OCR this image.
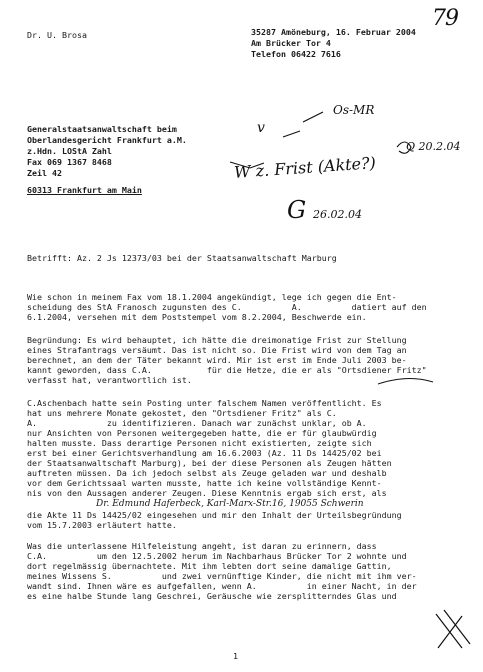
Dr. U. Brosa	35287 Amöneburg, 16. Februar 2004
Am Brücker Tor 4
Telefon 06422 7616
79
Generalstaatsanwaltschaft beim
Oberlandesgericht Frankfurt a.M.
z.Hdn. LOStA Zahl
Fax 069 1367 8468
Zeil 42
60313 Frankfurt am Main
Os-MR
v
Q 20.2.04
W z. Frist (Akte?)
G 26.02.04
Betrifft: Az. 2 Js 12373/03 bei der Staatsanwaltschaft Marburg
Wie schon in meinem Fax vom 18.1.2004 angekündigt, lege ich gegen die Ent-
scheidung des StA Franosch zugunsten des C.          A.          datiert auf den
6.1.2004, versehen mit dem Poststempel vom 8.2.2004, Beschwerde ein.
Begründung: Es wird behauptet, ich hätte die dreimonatige Frist zur Stellung
eines Strafantrags versäumt. Das ist nicht so. Die Frist wird von dem Tag an
berechnet, an dem der Täter bekannt wird. Mir ist erst im Ende Juli 2003 be-
kannt geworden, dass C.A.           für die Hetze, die er als "Ortsdiener Fritz"
verfasst hat, verantwortlich ist.
C.Aschenbach hatte sein Posting unter falschem Namen veröffentlicht. Es
hat uns mehrere Monate gekostet, den "Ortsdiener Fritz" als C.
A.              zu identifizieren. Danach war zunächst unklar, ob A.
nur Ansichten von Personen weitergegeben hatte, die er für glaubwürdig
halten musste. Dass derartige Personen nicht existierten, zeigte sich
erst bei einer Gerichtsverhandlung am 16.6.2003 (Az. 11 Ds 14425/02 bei
der Staatsanwaltschaft Marburg), bei der diese Personen als Zeugen hätten
auftreten müssen. Da ich jedoch selbst als Zeuge geladen war und deshalb
vor dem Gerichtssaal warten musste, hatte ich keine vollständige Kennt-
nis von den Aussagen anderer Zeugen. Diese Kenntnis ergab sich erst, als
Dr. Edmund Haferbeck, Karl-Marx-Str.16, 19055 Schwerin
die Akte 11 Ds 14425/02 eingesehen und mir den Inhalt der Urteilsbegründung
vom 15.7.2003 erläutert hatte.
Was die unterlassene Hilfeleistung angeht, ist daran zu erinnern, dass
C.A.          um den 12.5.2002 herum im Nachbarhaus Brücker Tor 2 wohnte und
dort regelmässig übernachtete. Mit ihm lebten dort seine damalige Gattin,
meines Wissens S.          und zwei vernünftige Kinder, die nicht mit ihm ver-
wandt sind. Ihnen wäre es aufgefallen, wenn A.          in einer Nacht, in der
es eine halbe Stunde lang Geschrei, Geräusche wie zersplitterndes Glas und
1
